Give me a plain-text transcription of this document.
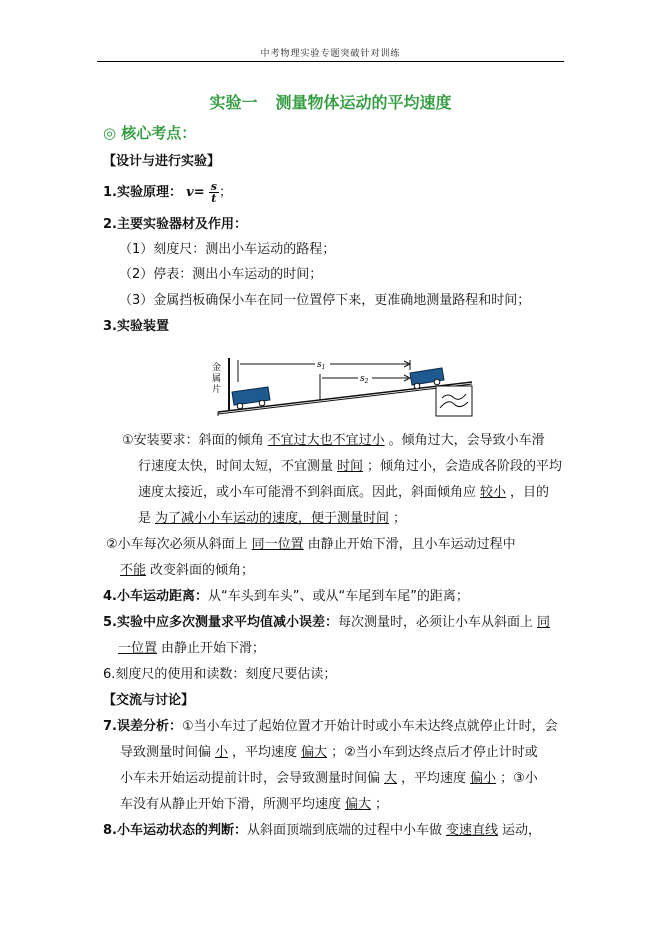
中考物理实验专题突破针对训练
实验一 测量物体运动的平均速度
◎ 核心考点：
【设计与进行实验】
1.实验原理： $v= \frac{s}{t}$；
2.主要实验器材及作用：
（1）刻度尺：测出小车运动的路程；
（2）停表：测出小车运动的时间；
（3）金属挡板确保小车在同一位置停下来，更准确地测量路程和时间；
3.实验装置
金属片
$s_1$
$s_2$
①安装要求：斜面的倾角 不宜过大也不宜过小 。倾角过大，会导致小车滑
行速度太快，时间太短，不宜测量 时间 ；倾角过小，会造成各阶段的平均
速度太接近，或小车可能滑不到斜面底。因此，斜面倾角应 较小 ，目的
是 为了减小小车运动的速度，便于测量时间 ；
②小车每次必须从斜面上 同一位置 由静止开始下滑，且小车运动过程中
不能 改变斜面的倾角；
4.小车运动距离：从“车头到车头”、或从“车尾到车尾”的距离；
5.实验中应多次测量求平均值减小误差：每次测量时，必须让小车从斜面上 同
一位置 由静止开始下滑；
6.刻度尺的使用和读数：刻度尺要估读；
【交流与讨论】
7.误差分析：①当小车过了起始位置才开始计时或小车未达终点就停止计时，会
导致测量时间偏 小 ，平均速度 偏大 ；②当小车到达终点后才停止计时或
小车未开始运动提前计时，会导致测量时间偏 大 ，平均速度 偏小 ；③小
车没有从静止开始下滑，所测平均速度 偏大 ；
8.小车运动状态的判断：从斜面顶端到底端的过程中小车做 变速直线 运动，
